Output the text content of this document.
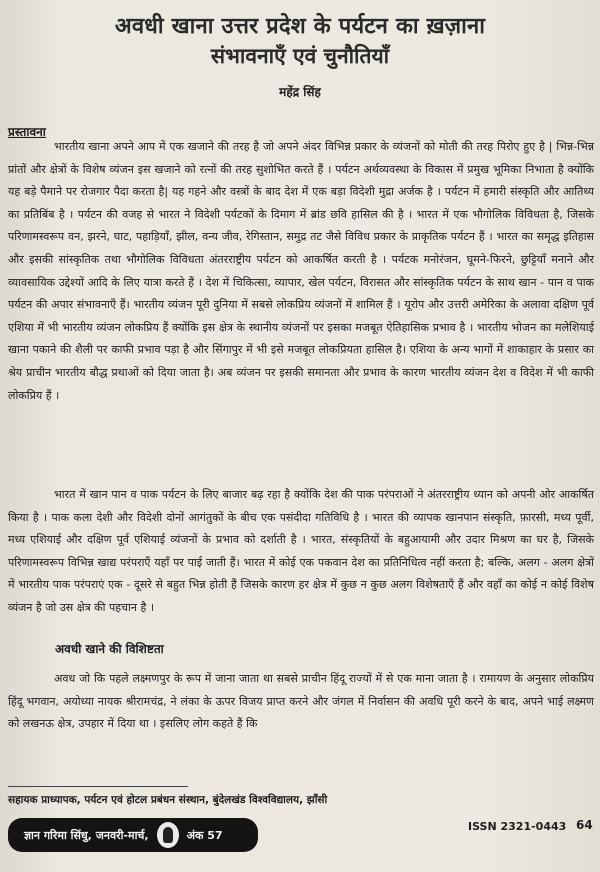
अवधी खाना उत्तर प्रदेश के पर्यटन का ख़ज़ाना
संभावनाएँ एवं चुनौतियाँ
महेंद्र सिंह
प्रस्तावना

भारतीय खाना अपने आप में एक खजाने की तरह है जो अपने अंदर विभिन्न प्रकार के व्यंजनों को मोती की तरह पिरोए हुए है | भिन्न-भिन्न प्रांतों और क्षेत्रों के विशेष व्यंजन इस खजाने को रत्नों की तरह सुशोभित करते हैं । पर्यटन अर्थव्यवस्था के विकास में प्रमुख भूमिका निभाता है क्योंकि यह बड़े पैमाने पर रोजगार पैदा करता है| यह गहने और वस्त्रों के बाद देश में एक बड़ा विदेशी मुद्रा अर्जक है । पर्यटन में हमारी संस्कृति और आतिथ्य का प्रतिबिंब है । पर्यटन की वजह से भारत ने विदेशी पर्यटकों के दिमाग में ब्रांड छवि हासिल की है । भारत में एक भौगोलिक विविधता है, जिसके परिणामस्वरूप वन, झरने, घाट, पहाड़ियाँ, झील, वन्य जीव, रेगिस्तान, समुद्र तट जैसे विविध प्रकार के प्राकृतिक पर्यटन हैं । भारत का समृद्ध इतिहास और इसकी सांस्कृतिक तथा भौगोलिक विविधता अंतरराष्ट्रीय पर्यटन को आकर्षित करती है । पर्यटक मनोरंजन, घूमने-फिरने, छुट्टियाँ मनाने और व्यावसायिक उद्देश्यों आदि के लिए यात्रा करते हैं । देश में चिकित्सा, व्यापार, खेल पर्यटन, विरासत और सांस्कृतिक पर्यटन के साथ खान - पान व पाक पर्यटन की अपार संभावनाएँ हैं। भारतीय व्यंजन पूरी दुनिया में सबसे लोकप्रिय व्यंजनों में शामिल हैं । यूरोप और उत्तरी अमेरिका के अलावा दक्षिण पूर्व एशिया में भी भारतीय व्यंजन लोकप्रिय हैं क्योंकि इस क्षेत्र के स्थानीय व्यंजनों पर इसका मजबूत ऐतिहासिक प्रभाव है । भारतीय भोजन का मलेशियाई खाना पकाने की शैली पर काफी प्रभाव पड़ा है और सिंगापुर में भी इसे मजबूत लोकप्रियता हासिल है। एशिया के अन्य भागों में शाकाहार के प्रसार का श्रेय प्राचीन भारतीय बौद्ध प्रथाओं को दिया जाता है। अब व्यंजन पर इसकी समानता और प्रभाव के कारण भारतीय व्यंजन देश व विदेश में भी काफी लोकप्रिय हैं ।

भारत में खान पान व पाक पर्यटन के लिए बाजार बढ़ रहा है क्योंकि देश की पाक परंपराओं ने अंतरराष्ट्रीय ध्यान को अपनी ओर आकर्षित किया है । पाक कला देशी और विदेशी दोनों आगंतुकों के बीच एक पसंदीदा गतिविधि है । भारत की व्यापक खानपान संस्कृति, फ़ारसी, मध्य पूर्वी, मध्य एशियाई और दक्षिण पूर्व एशियाई व्यंजनों के प्रभाव को दर्शाती है । भारत, संस्कृतियों के बहुआयामी और उदार मिश्रण का घर है, जिसके परिणामस्वरूप विभिन्न खाद्य परंपराएँ यहाँ पर पाई जाती हैं। भारत में कोई एक पकवान देश का प्रतिनिधित्व नहीं करता है; बल्कि, अलग - अलग क्षेत्रों में भारतीय पाक परंपराएं एक - दूसरे से बहुत भिन्न होती हैं जिसके कारण हर क्षेत्र में कुछ न कुछ अलग विशेषताएँ हैं और वहाँ का कोई न कोई विशेष व्यंजन है जो उस क्षेत्र की पहचान है ।

अवधी खाने की विशिष्टता

अवध जो कि पहले लक्ष्मणपुर के रूप में जाना जाता था सबसे प्राचीन हिंदू राज्यों में से एक माना जाता है । रामायण के अनुसार लोकप्रिय हिंदू भगवान, अयोध्या नायक श्रीरामचंद्र, ने लंका के ऊपर विजय प्राप्त करने और जंगल में निर्वासन की अवधि पूरी करने के बाद, अपने भाई लक्ष्मण को लखनऊ क्षेत्र, उपहार में दिया था । इसलिए लोग कहते हैं कि

सहायक प्राध्यापक, पर्यटन एवं होटल प्रबंधन संस्थान, बुंदेलखंड विश्वविद्यालय, झाँसी
ज्ञान गरिमा सिंधु, जनवरी-मार्च,	अंक 57
ISSN 2321-0443 64
